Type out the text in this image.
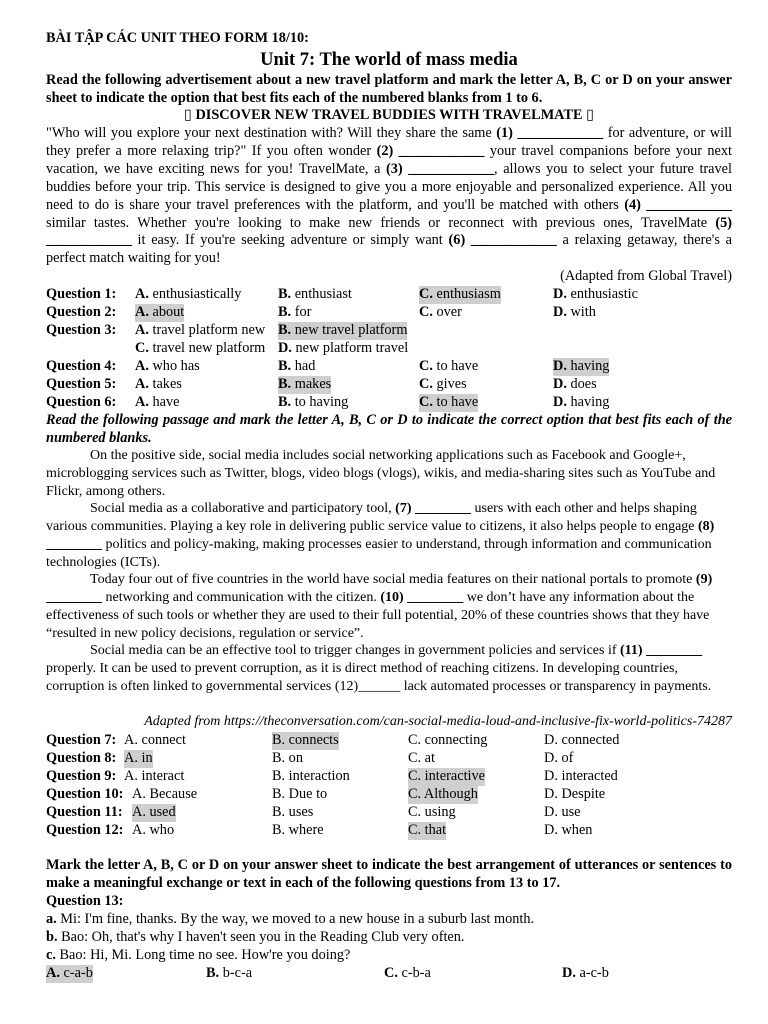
BÀI TẬP CÁC UNIT THEO FORM 18/10:
Unit 7: The world of mass media
Read the following advertisement about a new travel platform and mark the letter A, B, C or D on your answer sheet to indicate the option that best fits each of the numbered blanks from 1 to 6.
▯ DISCOVER NEW TRAVEL BUDDIES WITH TRAVELMATE ▯
"Who will you explore your next destination with? Will they share the same (1) ____________ for adventure, or will they prefer a more relaxing trip?" If you often wonder (2) ____________ your travel companions before your next vacation, we have exciting news for you! TravelMate, a (3) ____________, allows you to select your future travel buddies before your trip. This service is designed to give you a more enjoyable and personalized experience. All you need to do is share your travel preferences with the platform, and you'll be matched with others (4) ____________ similar tastes. Whether you're looking to make new friends or reconnect with previous ones, TravelMate (5) ____________ it easy. If you're seeking adventure or simply want (6) ____________ a relaxing getaway, there's a perfect match waiting for you!
(Adapted from Global Travel)
Question 1: A. enthusiastically	B. enthusiast	C. enthusiasm	D. enthusiastic
Question 2: A. about	B. for	C. over	D. with
Question 3: A. travel platform new B. new travel platform
C. travel new platform D. new platform travel
Question 4: A. who has	B. had	C. to have	D. having
Question 5: A. takes	B. makes	C. gives	D. does
Question 6: A. have	B. to having	C. to have	D. having
Read the following passage and mark the letter A, B, C or D to indicate the correct option that best fits each of the numbered blanks.
On the positive side, social media includes social networking applications such as Facebook and Google+, microblogging services such as Twitter, blogs, video blogs (vlogs), wikis, and media-sharing sites such as YouTube and Flickr, among others.
Social media as a collaborative and participatory tool, (7) ________ users with each other and helps shaping various communities. Playing a key role in delivering public service value to citizens, it also helps people to engage (8) ________ politics and policy-making, making processes easier to understand, through information and communication technologies (ICTs).
Today four out of five countries in the world have social media features on their national portals to promote (9) ________ networking and communication with the citizen. (10) ________ we don’t have any information about the effectiveness of such tools or whether they are used to their full potential, 20% of these countries shows that they have “resulted in new policy decisions, regulation or service”.
Social media can be an effective tool to trigger changes in government policies and services if (11) ________ properly. It can be used to prevent corruption, as it is direct method of reaching citizens. In developing countries, corruption is often linked to governmental services (12)______ lack automated processes or transparency in payments.
Adapted from https://theconversation.com/can-social-media-loud-and-inclusive-fix-world-politics-74287
Question 7: A. connect	B. connects	C. connecting	D. connected
Question 8: A. in	B. on	C. at	D. of
Question 9: A. interact	B. interaction	C. interactive	D. interacted
Question 10: A. Because	B. Due to	C. Although	D. Despite
Question 11: A. used	B. uses	C. using	D. use
Question 12: A. who	B. where	C. that	D. when
Mark the letter A, B, C or D on your answer sheet to indicate the best arrangement of utterances or sentences to make a meaningful exchange or text in each of the following questions from 13 to 17.
Question 13:
a. Mi: I'm fine, thanks. By the way, we moved to a new house in a suburb last month.
b. Bao: Oh, that's why I haven't seen you in the Reading Club very often.
c. Bao: Hi, Mi. Long time no see. How're you doing?
A. c-a-b	B. b-c-a	C. c-b-a	D. a-c-b
